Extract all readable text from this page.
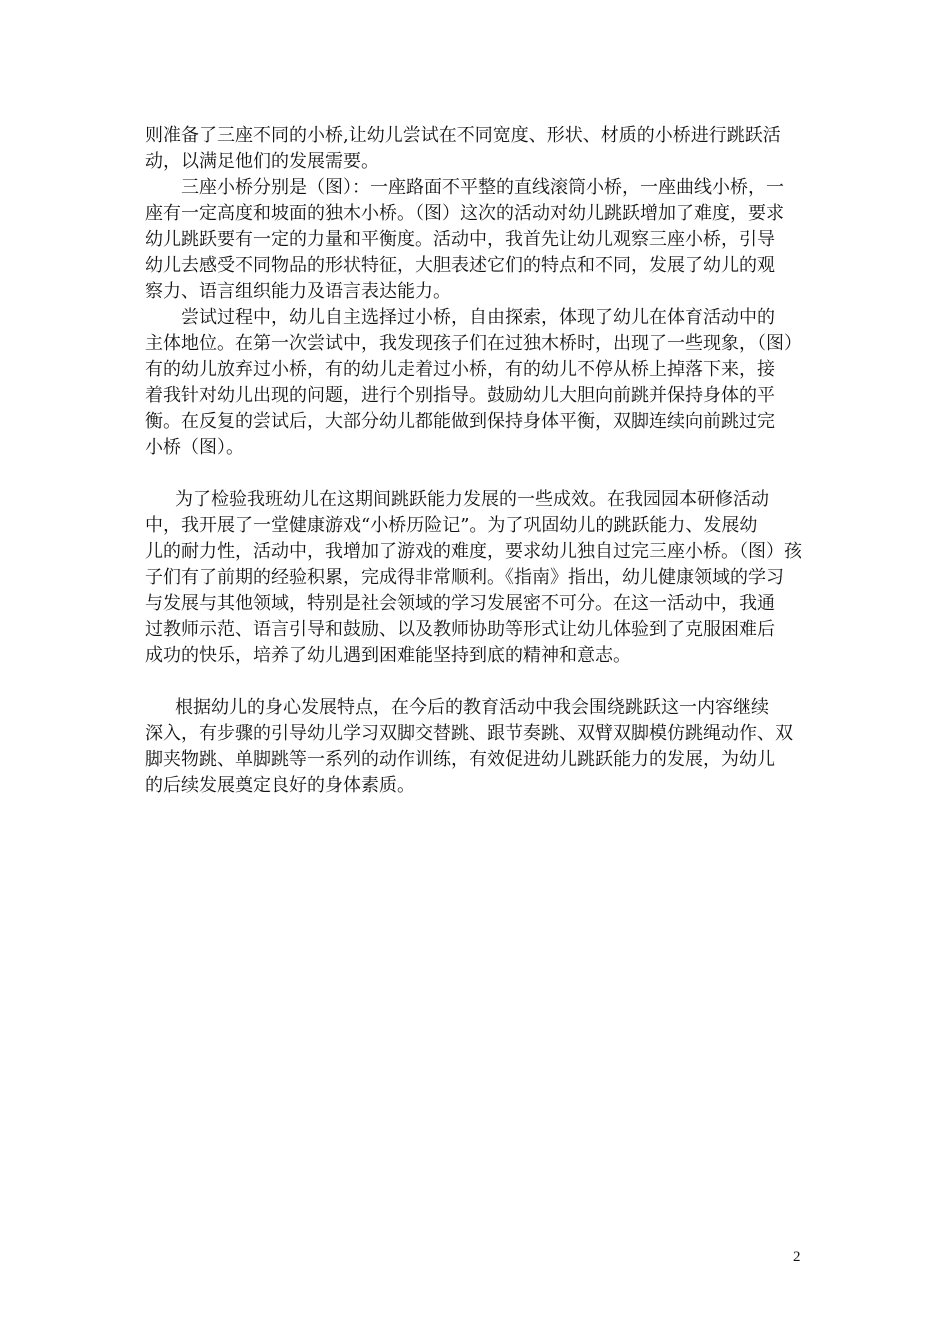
则准备了三座不同的小桥,让幼儿尝试在不同宽度、形状、材质的小桥进行跳跃活
动，以满足他们的发展需要。
三座小桥分别是（图）：一座路面不平整的直线滚筒小桥，一座曲线小桥，一
座有一定高度和坡面的独木小桥。（图）这次的活动对幼儿跳跃增加了难度，要求
幼儿跳跃要有一定的力量和平衡度。活动中，我首先让幼儿观察三座小桥，引导
幼儿去感受不同物品的形状特征，大胆表述它们的特点和不同，发展了幼儿的观
察力、语言组织能力及语言表达能力。
尝试过程中，幼儿自主选择过小桥，自由探索，体现了幼儿在体育活动中的
主体地位。在第一次尝试中，我发现孩子们在过独木桥时，出现了一些现象，（图）
有的幼儿放弃过小桥，有的幼儿走着过小桥，有的幼儿不停从桥上掉落下来，接
着我针对幼儿出现的问题，进行个别指导。鼓励幼儿大胆向前跳并保持身体的平
衡。在反复的尝试后，大部分幼儿都能做到保持身体平衡，双脚连续向前跳过完
小桥（图）。
为了检验我班幼儿在这期间跳跃能力发展的一些成效。在我园园本研修活动
中，我开展了一堂健康游戏“小桥历险记”。为了巩固幼儿的跳跃能力、发展幼
儿的耐力性，活动中，我增加了游戏的难度，要求幼儿独自过完三座小桥。（图）孩
子们有了前期的经验积累，完成得非常顺利。《指南》指出，幼儿健康领域的学习
与发展与其他领域，特别是社会领域的学习发展密不可分。在这一活动中，我通
过教师示范、语言引导和鼓励、以及教师协助等形式让幼儿体验到了克服困难后
成功的快乐，培养了幼儿遇到困难能坚持到底的精神和意志。
根据幼儿的身心发展特点，在今后的教育活动中我会围绕跳跃这一内容继续
深入，有步骤的引导幼儿学习双脚交替跳、跟节奏跳、双臂双脚模仿跳绳动作、双
脚夹物跳、单脚跳等一系列的动作训练，有效促进幼儿跳跃能力的发展，为幼儿
的后续发展奠定良好的身体素质。
2
